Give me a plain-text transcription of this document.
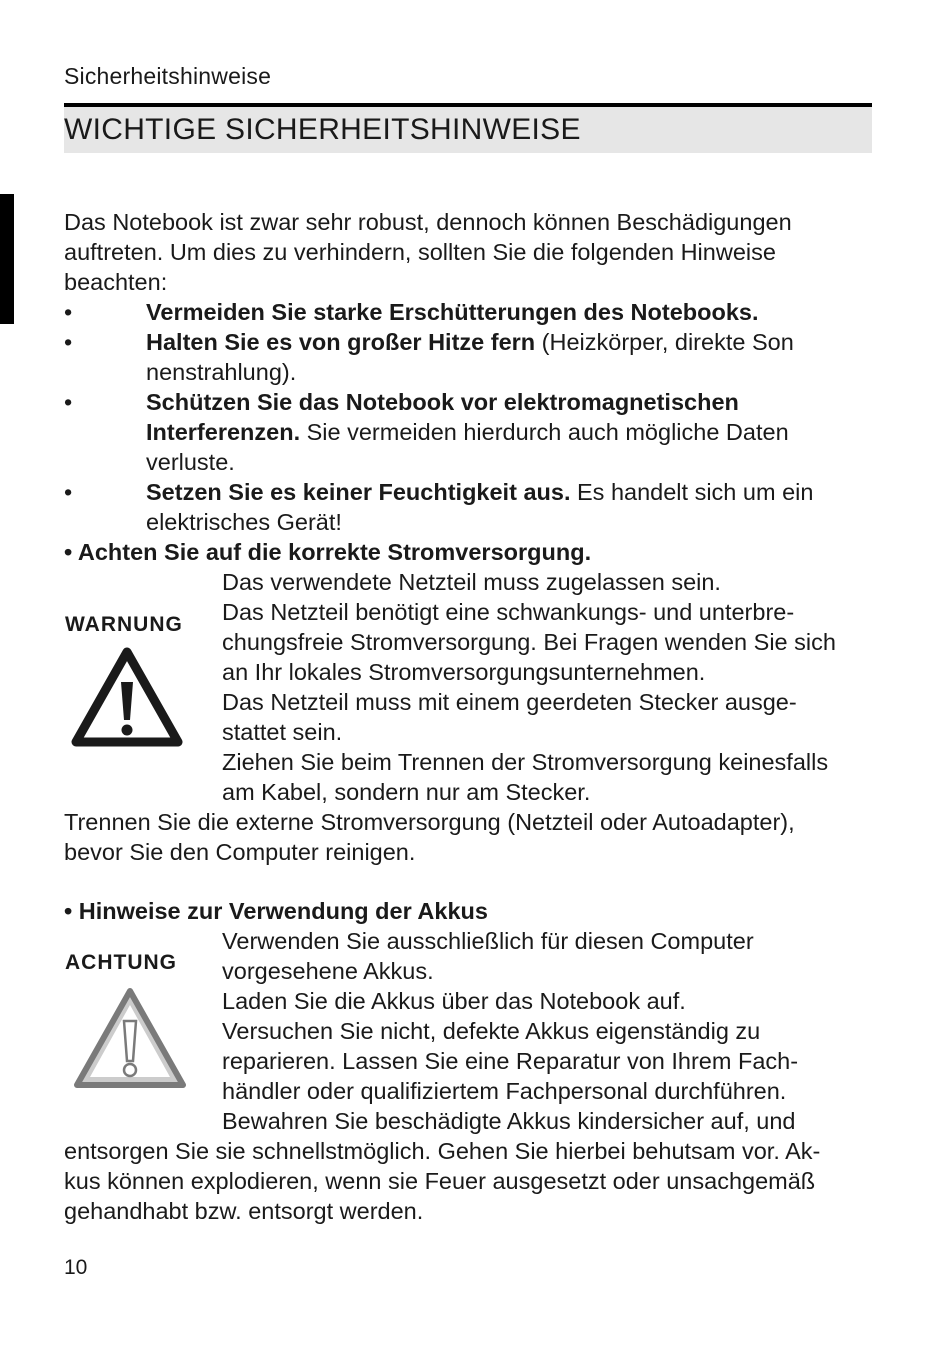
Sicherheitshinweise
WICHTIGE SICHERHEITSHINWEISE
Das Notebook ist zwar sehr robust, dennoch können Beschädigungen
auftreten. Um dies zu verhindern, sollten Sie die folgenden Hinweise
beachten:
•	Vermeiden Sie starke Erschütterungen des Notebooks.
•	Halten Sie es von großer Hitze fern (Heizkörper, direkte Son
nenstrahlung).
•	Schützen Sie das Notebook vor elektromagnetischen
Interferenzen. Sie vermeiden hierdurch auch mögliche Daten
verluste.
•	Setzen Sie es keiner Feuchtigkeit aus. Es handelt sich um ein
elektrisches Gerät!
• Achten Sie auf die korrekte Stromversorgung.
WARNUNG
Das verwendete Netzteil muss zugelassen sein.
Das Netzteil benötigt eine schwankungs- und unterbre-
chungsfreie Stromversorgung. Bei Fragen wenden Sie sich
an Ihr lokales Stromversorgungsunternehmen.
Das Netzteil muss mit einem geerdeten Stecker ausge-
stattet sein.
Ziehen Sie beim Trennen der Stromversorgung keinesfalls
am Kabel, sondern nur am Stecker.
Trennen Sie die externe Stromversorgung (Netzteil oder Autoadapter),
bevor Sie den Computer reinigen.
• Hinweise zur Verwendung der Akkus
ACHTUNG
Verwenden Sie ausschließlich für diesen Computer
vorgesehene Akkus.
Laden Sie die Akkus über das Notebook auf.
Versuchen Sie nicht, defekte Akkus eigenständig zu
reparieren. Lassen Sie eine Reparatur von Ihrem Fach-
händler oder qualifiziertem Fachpersonal durchführen.
Bewahren Sie beschädigte Akkus kindersicher auf, und
entsorgen Sie sie schnellstmöglich. Gehen Sie hierbei behutsam vor. Ak-
kus können explodieren, wenn sie Feuer ausgesetzt oder unsachgemäß
gehandhabt bzw. entsorgt werden.
10
